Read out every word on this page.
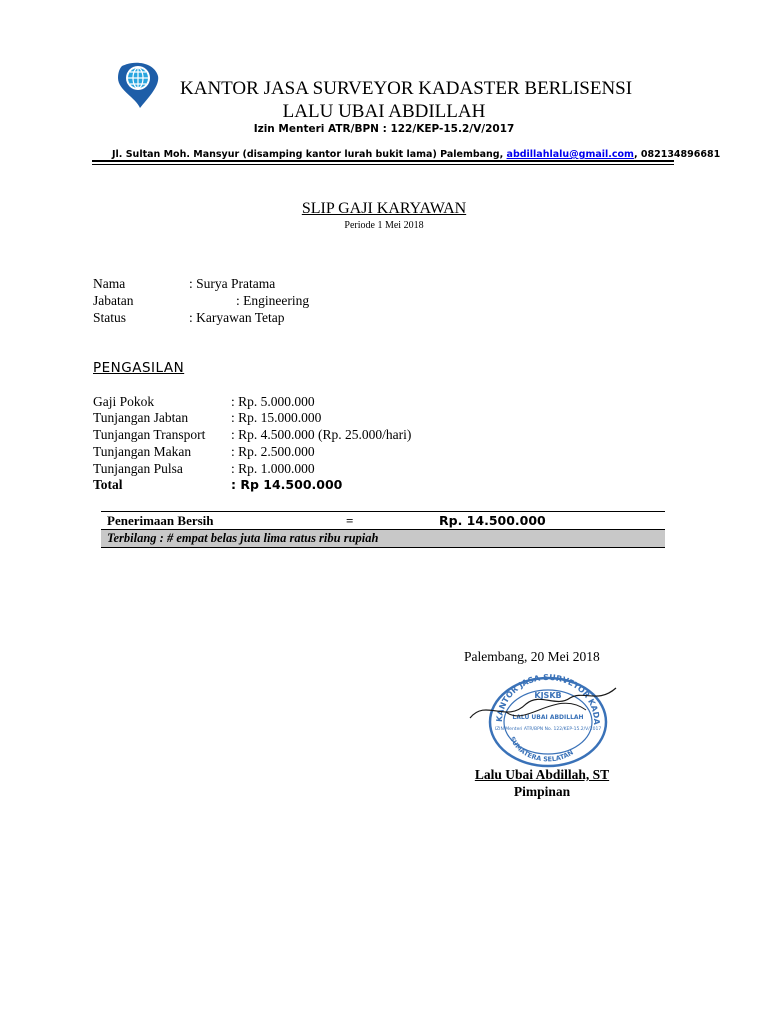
KANTOR JASA SURVEYOR KADASTER BERLISENSI
LALU UBAI ABDILLAH
Izin Menteri ATR/BPN : 122/KEP-15.2/V/2017
Jl. Sultan Moh. Mansyur (disamping kantor lurah bukit lama) Palembang, abdillahlalu@gmail.com, 082134896681
SLIP GAJI KARYAWAN
Periode 1 Mei 2018
Nama	: Surya Pratama
Jabatan	: Engineering
Status	: Karyawan Tetap
PENGASILAN
Gaji Pokok	: Rp. 5.000.000
Tunjangan Jabtan	: Rp. 15.000.000
Tunjangan Transport : Rp. 4.500.000 (Rp. 25.000/hari)
Tunjangan Makan	: Rp. 2.500.000
Tunjangan Pulsa	: Rp. 1.000.000
Total	: Rp 14.500.000
Penerimaan Bersih	=	Rp. 14.500.000
Terbilang : # empat belas juta lima ratus ribu rupiah
Palembang, 20 Mei 2018
KANTOR JASA SURVEYOR KADA
KJSKB
LALU UBAI ABDILLAH
IZIN Menteri ATR/BPN No. 122/KEP-15.2/V/2017
SUMATERA SELATAN
Lalu Ubai Abdillah, ST
Pimpinan
